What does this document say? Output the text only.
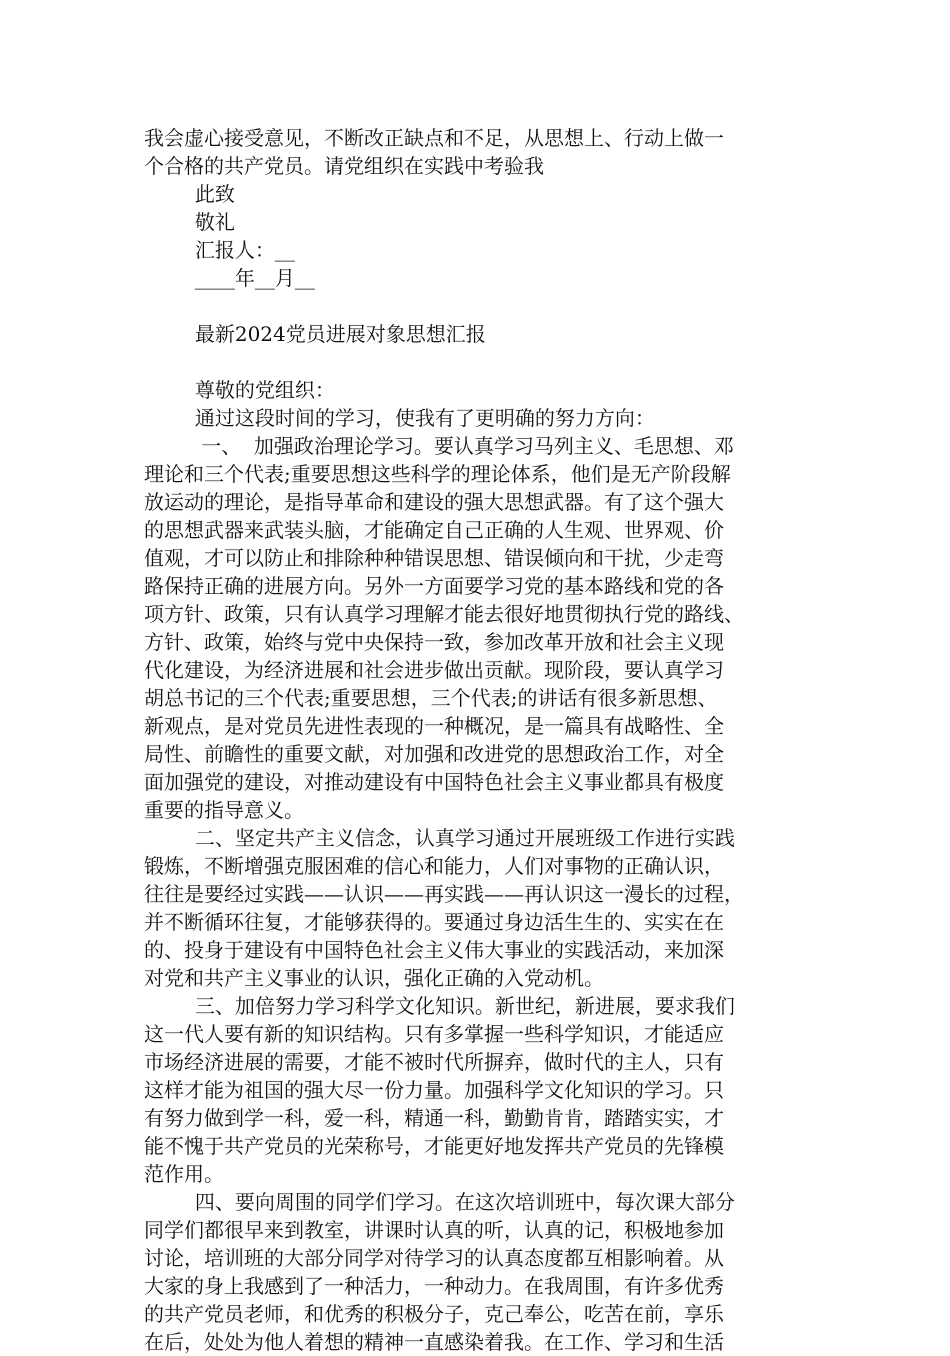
我会虚心接受意见，不断改正缺点和不足，从思想上、行动上做一
个合格的共产党员。请党组织在实践中考验我
此致
敬礼
汇报人：__
____年__月__
最新2024党员进展对象思想汇报
尊敬的党组织：
通过这段时间的学习，使我有了更明确的努力方向：
一、  加强政治理论学习。要认真学习马列主义、毛思想、邓
理论和三个代表;重要思想这些科学的理论体系，他们是无产阶段解
放运动的理论，是指导革命和建设的强大思想武器。有了这个强大
的思想武器来武装头脑，才能确定自己正确的人生观、世界观、价
值观，才可以防止和排除种种错误思想、错误倾向和干扰，少走弯
路保持正确的进展方向。另外一方面要学习党的基本路线和党的各
项方针、政策，只有认真学习理解才能去很好地贯彻执行党的路线、
方针、政策，始终与党中央保持一致，参加改革开放和社会主义现
代化建设，为经济进展和社会进步做出贡献。现阶段，要认真学习
胡总书记的三个代表;重要思想，三个代表;的讲话有很多新思想、
新观点，是对党员先进性表现的一种概况，是一篇具有战略性、全
局性、前瞻性的重要文献，对加强和改进党的思想政治工作，对全
面加强党的建设，对推动建设有中国特色社会主义事业都具有极度
重要的指导意义。
二、坚定共产主义信念，认真学习通过开展班级工作进行实践
锻炼，不断增强克服困难的信心和能力，人们对事物的正确认识，
往往是要经过实践——认识——再实践——再认识这一漫长的过程，
并不断循环往复，才能够获得的。要通过身边活生生的、实实在在
的、投身于建设有中国特色社会主义伟大事业的实践活动，来加深
对党和共产主义事业的认识，强化正确的入党动机。
三、加倍努力学习科学文化知识。新世纪，新进展，要求我们
这一代人要有新的知识结构。只有多掌握一些科学知识，才能适应
市场经济进展的需要，才能不被时代所摒弃，做时代的主人，只有
这样才能为祖国的强大尽一份力量。加强科学文化知识的学习。只
有努力做到学一科，爱一科，精通一科，勤勤肯肯，踏踏实实，才
能不愧于共产党员的光荣称号，才能更好地发挥共产党员的先锋模
范作用。
四、要向周围的同学们学习。在这次培训班中，每次课大部分
同学们都很早来到教室，讲课时认真的听，认真的记，积极地参加
讨论，培训班的大部分同学对待学习的认真态度都互相影响着。从
大家的身上我感到了一种活力，一种动力。在我周围，有许多优秀
的共产党员老师，和优秀的积极分子，克己奉公，吃苦在前，享乐
在后，处处为他人着想的精神一直感染着我。在工作、学习和生活
